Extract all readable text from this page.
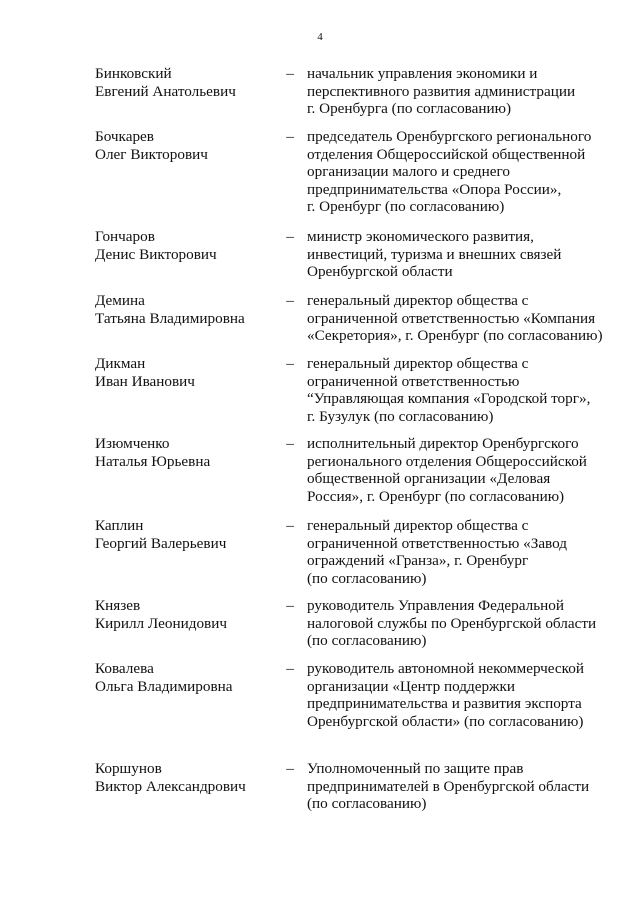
4
Бинковский
Евгений Анатольевич
– начальник управления экономики и
перспективного развития администрации
г. Оренбурга (по согласованию)
Бочкарев
Олег Викторович
– председатель Оренбургского регионального
отделения Общероссийской общественной
организации малого и среднего
предпринимательства «Опора России»,
г. Оренбург (по согласованию)
Гончаров
Денис Викторович
– министр экономического развития,
инвестиций, туризма и внешних связей
Оренбургской области
Демина
Татьяна Владимировна
– генеральный директор общества с
ограниченной ответственностью «Компания
«Секретория», г. Оренбург (по согласованию)
Дикман
Иван Иванович
– генеральный директор общества с
ограниченной ответственностью
“Управляющая компания «Городской торг»,
г. Бузулук (по согласованию)
Изюмченко
Наталья Юрьевна
– исполнительный директор Оренбургского
регионального отделения Общероссийской
общественной организации «Деловая
Россия», г. Оренбург (по согласованию)
Каплин
Георгий Валерьевич
– генеральный директор общества с
ограниченной ответственностью «Завод
ограждений «Гранза», г. Оренбург
(по согласованию)
Князев
Кирилл Леонидович
– руководитель Управления Федеральной
налоговой службы по Оренбургской области
(по согласованию)
Ковалева
Ольга Владимировна
– руководитель автономной некоммерческой
организации «Центр поддержки
предпринимательства и развития экспорта
Оренбургской области» (по согласованию)
Коршунов
Виктор Александрович
– Уполномоченный по защите прав
предпринимателей в Оренбургской области
(по согласованию)
